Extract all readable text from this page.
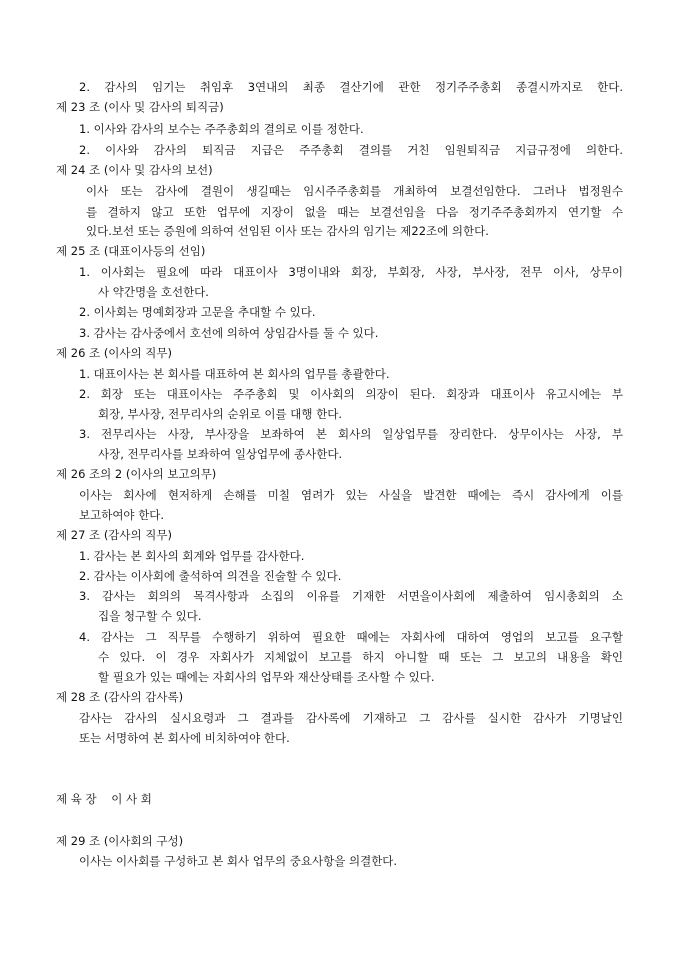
2. 감사의 임기는 취임후 3연내의 최종 결산기에 관한 정기주주총회 종결시까지로 한다.
제 23 조 (이사 및 감사의 퇴직금)
1. 이사와 감사의 보수는 주주총회의 결의로 이를 정한다.
2. 이사와 감사의 퇴직금 지급은 주주총회 결의를 거친 임원퇴직금 지급규정에 의한다.
제 24 조 (이사 및 감사의 보선)
이사 또는 감사에 결원이 생길때는 임시주주총회를 개최하여 보결선임한다. 그러나 법정원수
를 결하지 않고 또한 업무에 지장이 없을 때는 보결선임을 다음 정기주주총회까지 연기할 수
있다.보선 또는 증원에 의하여 선임된 이사 또는 감사의 임기는 제22조에 의한다.
제 25 조 (대표이사등의 선임)
1. 이사회는 필요에 따라 대표이사 3명이내와 회장, 부회장, 사장, 부사장, 전무 이사, 상무이
사 약간명을 호선한다.
2. 이사회는 명예회장과 고문을 추대할 수 있다.
3. 감사는 감사중에서 호선에 의하여 상임감사를 둘 수 있다.
제 26 조 (이사의 직무)
1. 대표이사는 본 회사를 대표하여 본 회사의 업무를 총괄한다.
2. 회장 또는 대표이사는 주주총회 및 이사회의 의장이 된다. 회장과 대표이사 유고시에는 부
회장, 부사장, 전무리사의 순위로 이를 대행 한다.
3. 전무리사는 사장, 부사장을 보좌하여 본 회사의 일상업무를 장리한다. 상무이사는 사장, 부
사장, 전무리사를 보좌하여 일상업무에 종사한다.
제 26 조의 2 (이사의 보고의무)
이사는 회사에 현저하게 손해를 미칠 염려가 있는 사실을 발견한 때에는 즉시 감사에게 이를
보고하여야 한다.
제 27 조 (감사의 직무)
1. 감사는 본 회사의 회계와 업무를 감사한다.
2. 감사는 이사회에 출석하여 의견을 진술할 수 있다.
3. 감사는 회의의 목격사항과 소집의 이유를 기재한 서면을이사회에 제출하여 임시총회의 소
집을 청구할 수 있다.
4. 감사는 그 직무를 수행하기 위하여 필요한 때에는 자회사에 대하여 영업의 보고를 요구할
수 있다. 이 경우 자회사가 지체없이 보고를 하지 아니할 때 또는 그 보고의 내용을 확인
할 필요가 있는 때에는 자회사의 업무와 재산상태를 조사할 수 있다.
제 28 조 (감사의 감사록)
감사는 감사의 실시요령과 그 결과를 감사록에 기재하고 그 감사를 실시한 감사가 기명날인
또는 서명하여 본 회사에 비치하여야 한다.
제 육 장    이 사 회
제 29 조 (이사회의 구성)
이사는 이사회를 구성하고 본 회사 업무의 중요사항을 의결한다.
